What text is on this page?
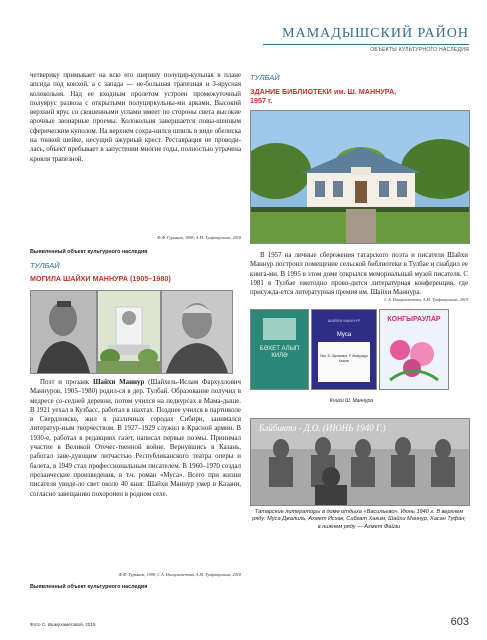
МАМАДЫШСКИЙ РАЙОН
ОБЪЕКТЫ КУЛЬТУРНОГО НАСЛЕДИЯ

четверику примыкает на всю его ширину полуцир-кульная в плане апсида под конхой, а с запада — не-большая трапезная и 3-ярусная колокольня. Над ее входным пролетом устроен промежуточный полуярус развоза с открытыми полуциркульны-ми арками. Высокий верхний ярус со скошенными углами имеет по стороны света высокие арочные звонарные проемы. Колокольня завершается повы-шенным сферическим куполом. На верхнем сохра-нился шпиль в виде обелиска на тонкой шейке, несущий ажурный крест. Реставрация не проводи-лась, объект пребывает в запустении многие годы, полностью утрачена кровля трапезной.

Ф.Ф. Гурьянов, 1998; А.М. Тухфатуллина, 2018
Выявленный объект культурного наследия
ТУЛБАЙ
ЗДАНИЕ БИБЛИОТЕКИ им. Ш. МАННУРА, 1957 г.

В 1957 на личные сбережения татарского поэта и писателя Шайхи Маннур построил помещение сельской библиотеки в Тулбае и снабдил ее книга-ми. В 1995 в этом доме открылся мемориальный музей писателя. С 1981 в Тулбае ежегодно прово-дится литературная конференция, где присужда-ется литературная премия им. Шайхи Маннура.

С.А. Ишмухаметова, А.М. Тухфатуллина, 2019
ТУЛБАЙ
МОГИЛА ШАЙХИ МАННУРА (1905–1980)

Поэт и прозаик Шайхи Маннур (Шайхель-Ислам Фархуллович Маннуров, 1905–1980) родил-ся в дер. Тулбай. Образование получил в медресе со-седней деревни, потом учился на педкурсах в Мама-дыше. В 1921 уехал в Кузбасс, работал в шахтах. Позднее учился в партшколе в Свердловске, жил в различных городах Сибири, занимался литератур-ным творчеством. В 1927–1929 служил в Красной армии. В 1930-е, работал в редакциях газет, написал первые поэмы. Принимал участие в Великой Отечес-твенной войне. Вернувшись в Казань, работал заве-дующим литчастью Республиканского театра оперы и балета, в 1949 стал профессиональным писателем. В 1960–1970 создал прозаические произведения, в т.ч. роман «Муса». Всего при жизни писателя увиде-ло свет около 40 книг. Шайхи Маннур умер в Казани, согласно завещанию похоронен в родном селе.

Ф.Ф. Гурьянов, 1998; С.А. Ишмухаметова, А.М. Тухфатуллина, 2018
Выявленный объект культурного наследия
БӘХЕТ АЛЫП КИЛӘ
ШАЙХИ МАННУР
Муса
Пер. В. Шульмана, Р. Ишмурада Казань
КОНГЫРАУЛАР
Книги Ш. Маннура
Бәйбиктә - Д.О. (ИЮНЬ 1940 Г.)
Татарские литераторы в доме отдыха «Васильево». Июнь 1940 г. В верхнем ряду: Муса Джалиль, Ахмет Исхак, Сибгат Хаким, Шайхи Маннур, Хасан Туфан; в нижнем ряду — Ахмет Файзи
Фото С. Ишмухаметовой, 2019	603
